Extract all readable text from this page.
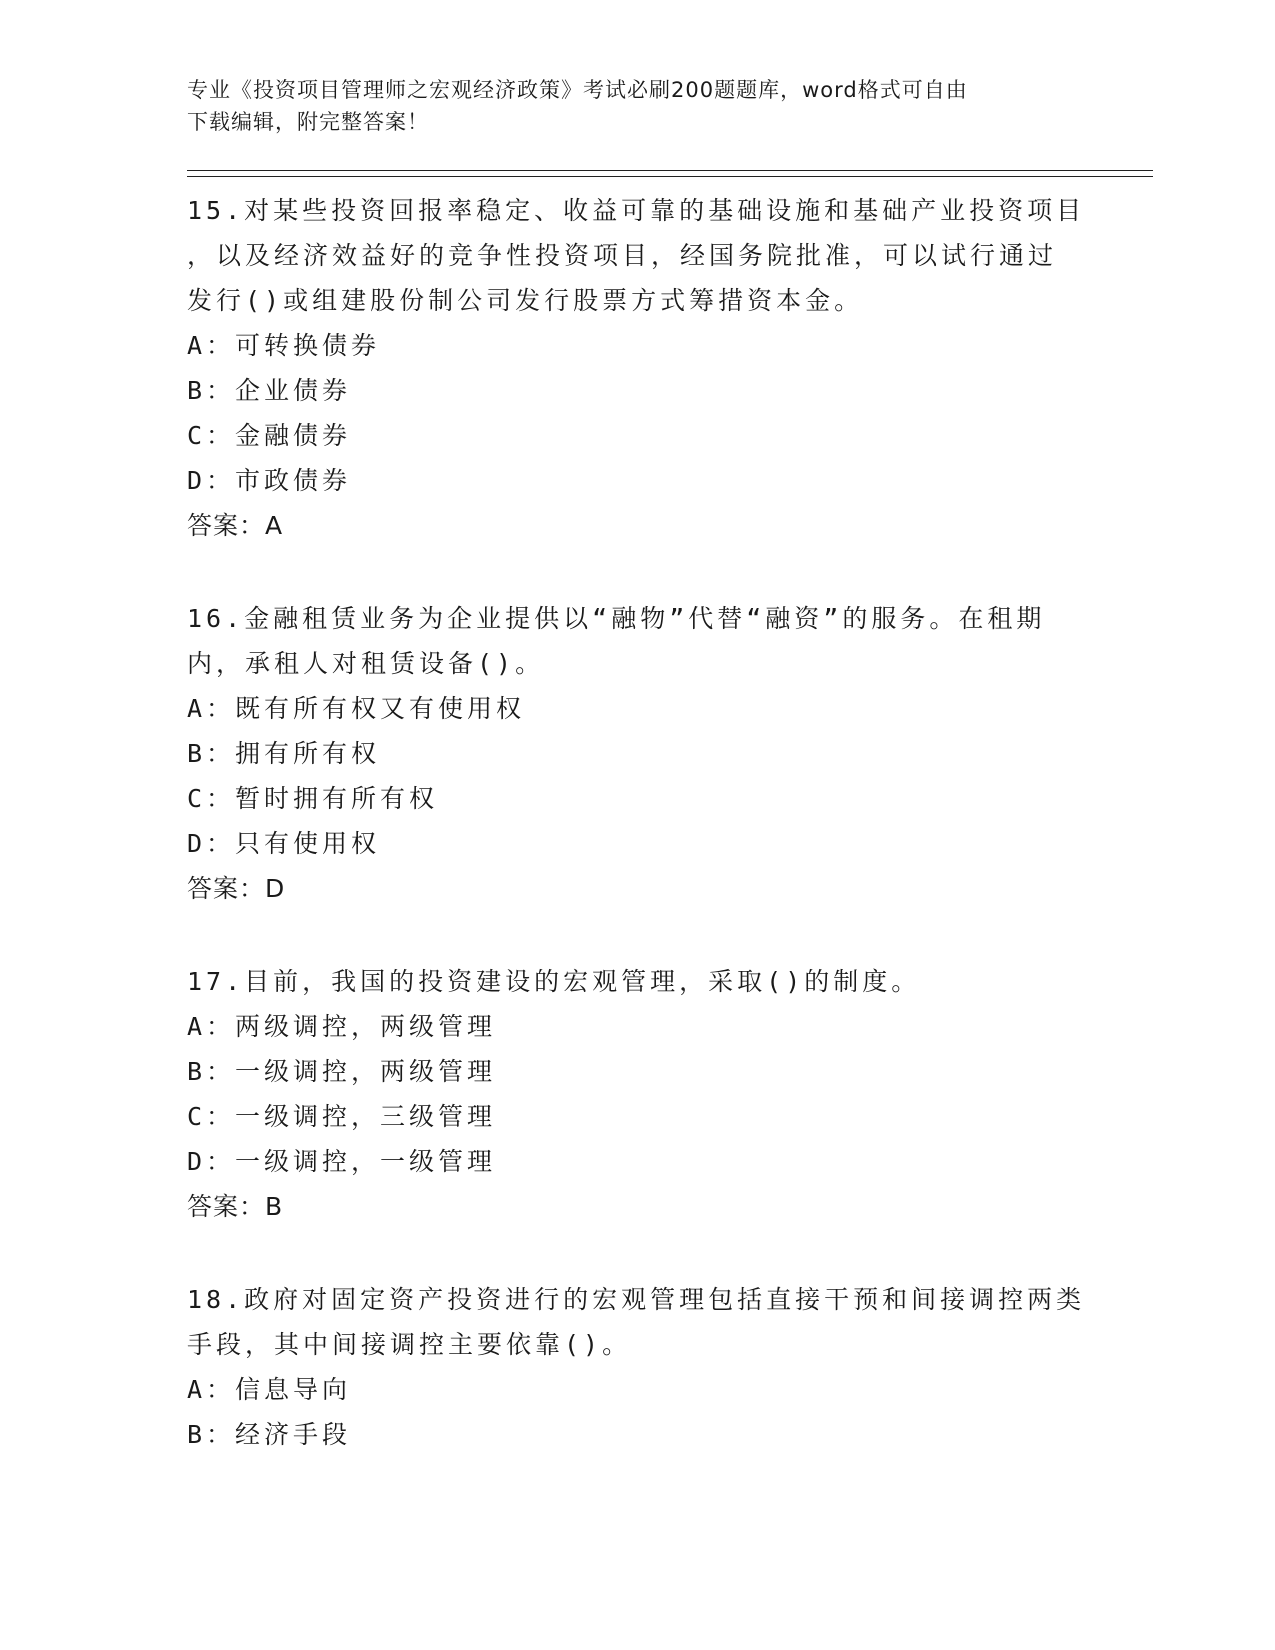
专业《投资项目管理师之宏观经济政策》考试必刷200题题库，word格式可自由
下载编辑，附完整答案！
15.对某些投资回报率稳定、收益可靠的基础设施和基础产业投资项目
，以及经济效益好的竞争性投资项目，经国务院批准，可以试行通过
发行()或组建股份制公司发行股票方式筹措资本金。
A：可转换债券
B：企业债券
C：金融债券
D：市政债券
答案：A
16.金融租赁业务为企业提供以“融物”代替“融资”的服务。在租期
内，承租人对租赁设备()。
A：既有所有权又有使用权
B：拥有所有权
C：暂时拥有所有权
D：只有使用权
答案：D
17.目前，我国的投资建设的宏观管理，采取()的制度。
A：两级调控，两级管理
B：一级调控，两级管理
C：一级调控，三级管理
D：一级调控，一级管理
答案：B
18.政府对固定资产投资进行的宏观管理包括直接干预和间接调控两类
手段，其中间接调控主要依靠()。
A：信息导向
B：经济手段
